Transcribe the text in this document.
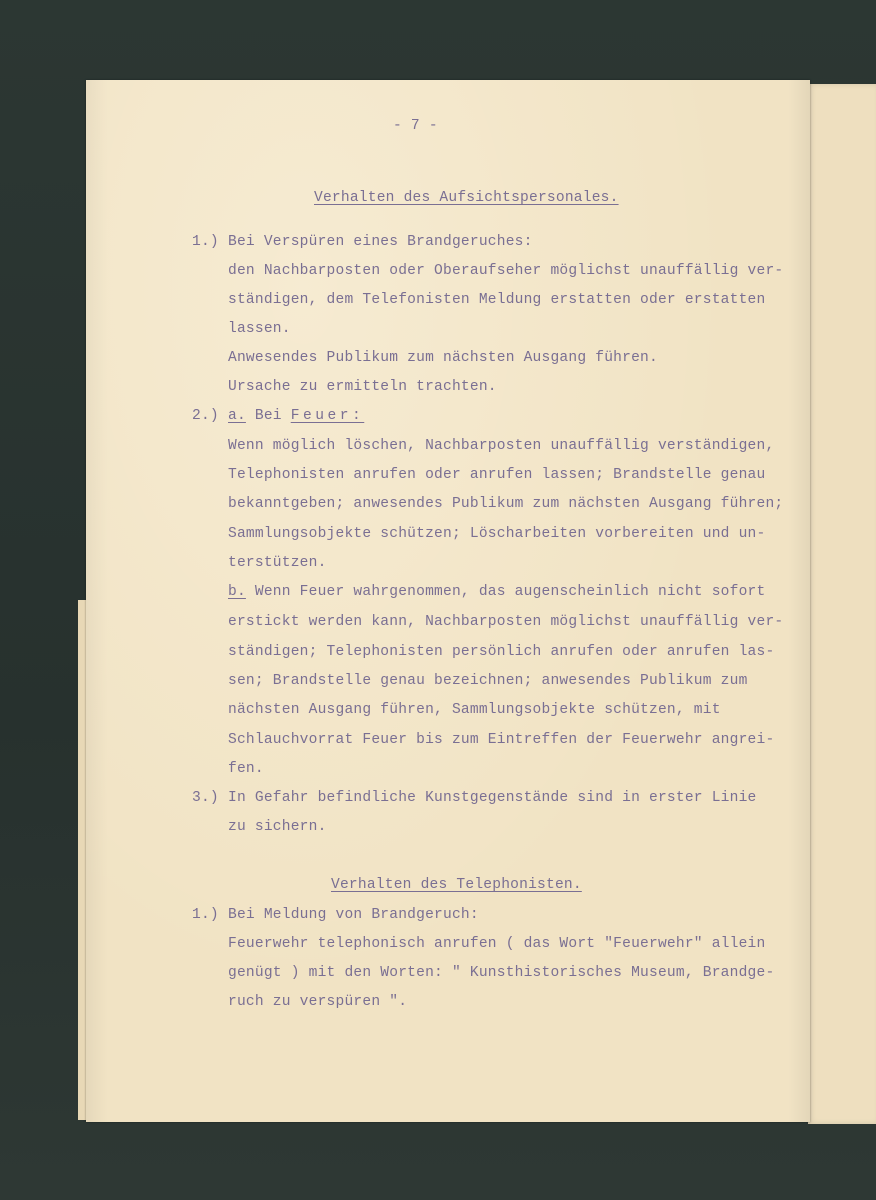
- 7 -
Verhalten des Aufsichtspersonales.
1.) Bei Verspüren eines Brandgeruches:
den Nachbarposten oder Oberaufseher möglichst unauffällig ver-
ständigen, dem Telefonisten Meldung erstatten oder erstatten
lassen.
Anwesendes Publikum zum nächsten Ausgang führen.
Ursache zu ermitteln trachten.
2.) a. Bei Feuer:
Wenn möglich löschen, Nachbarposten unauffällig verständigen,
Telephonisten anrufen oder anrufen lassen; Brandstelle genau
bekanntgeben; anwesendes Publikum zum nächsten Ausgang führen;
Sammlungsobjekte schützen; Löscharbeiten vorbereiten und un-
terstützen.
b. Wenn Feuer wahrgenommen, das augenscheinlich nicht sofort
erstickt werden kann, Nachbarposten möglichst unauffällig ver-
ständigen; Telephonisten persönlich anrufen oder anrufen las-
sen; Brandstelle genau bezeichnen; anwesendes Publikum zum
nächsten Ausgang führen, Sammlungsobjekte schützen, mit
Schlauchvorrat Feuer bis zum Eintreffen der Feuerwehr angrei-
fen.
3.) In Gefahr befindliche Kunstgegenstände sind in erster Linie
zu sichern.
Verhalten des Telephonisten.
1.) Bei Meldung von Brandgeruch:
Feuerwehr telephonisch anrufen ( das Wort "Feuerwehr" allein
genügt ) mit den Worten: " Kunsthistorisches Museum, Brandge-
ruch zu verspüren ".
